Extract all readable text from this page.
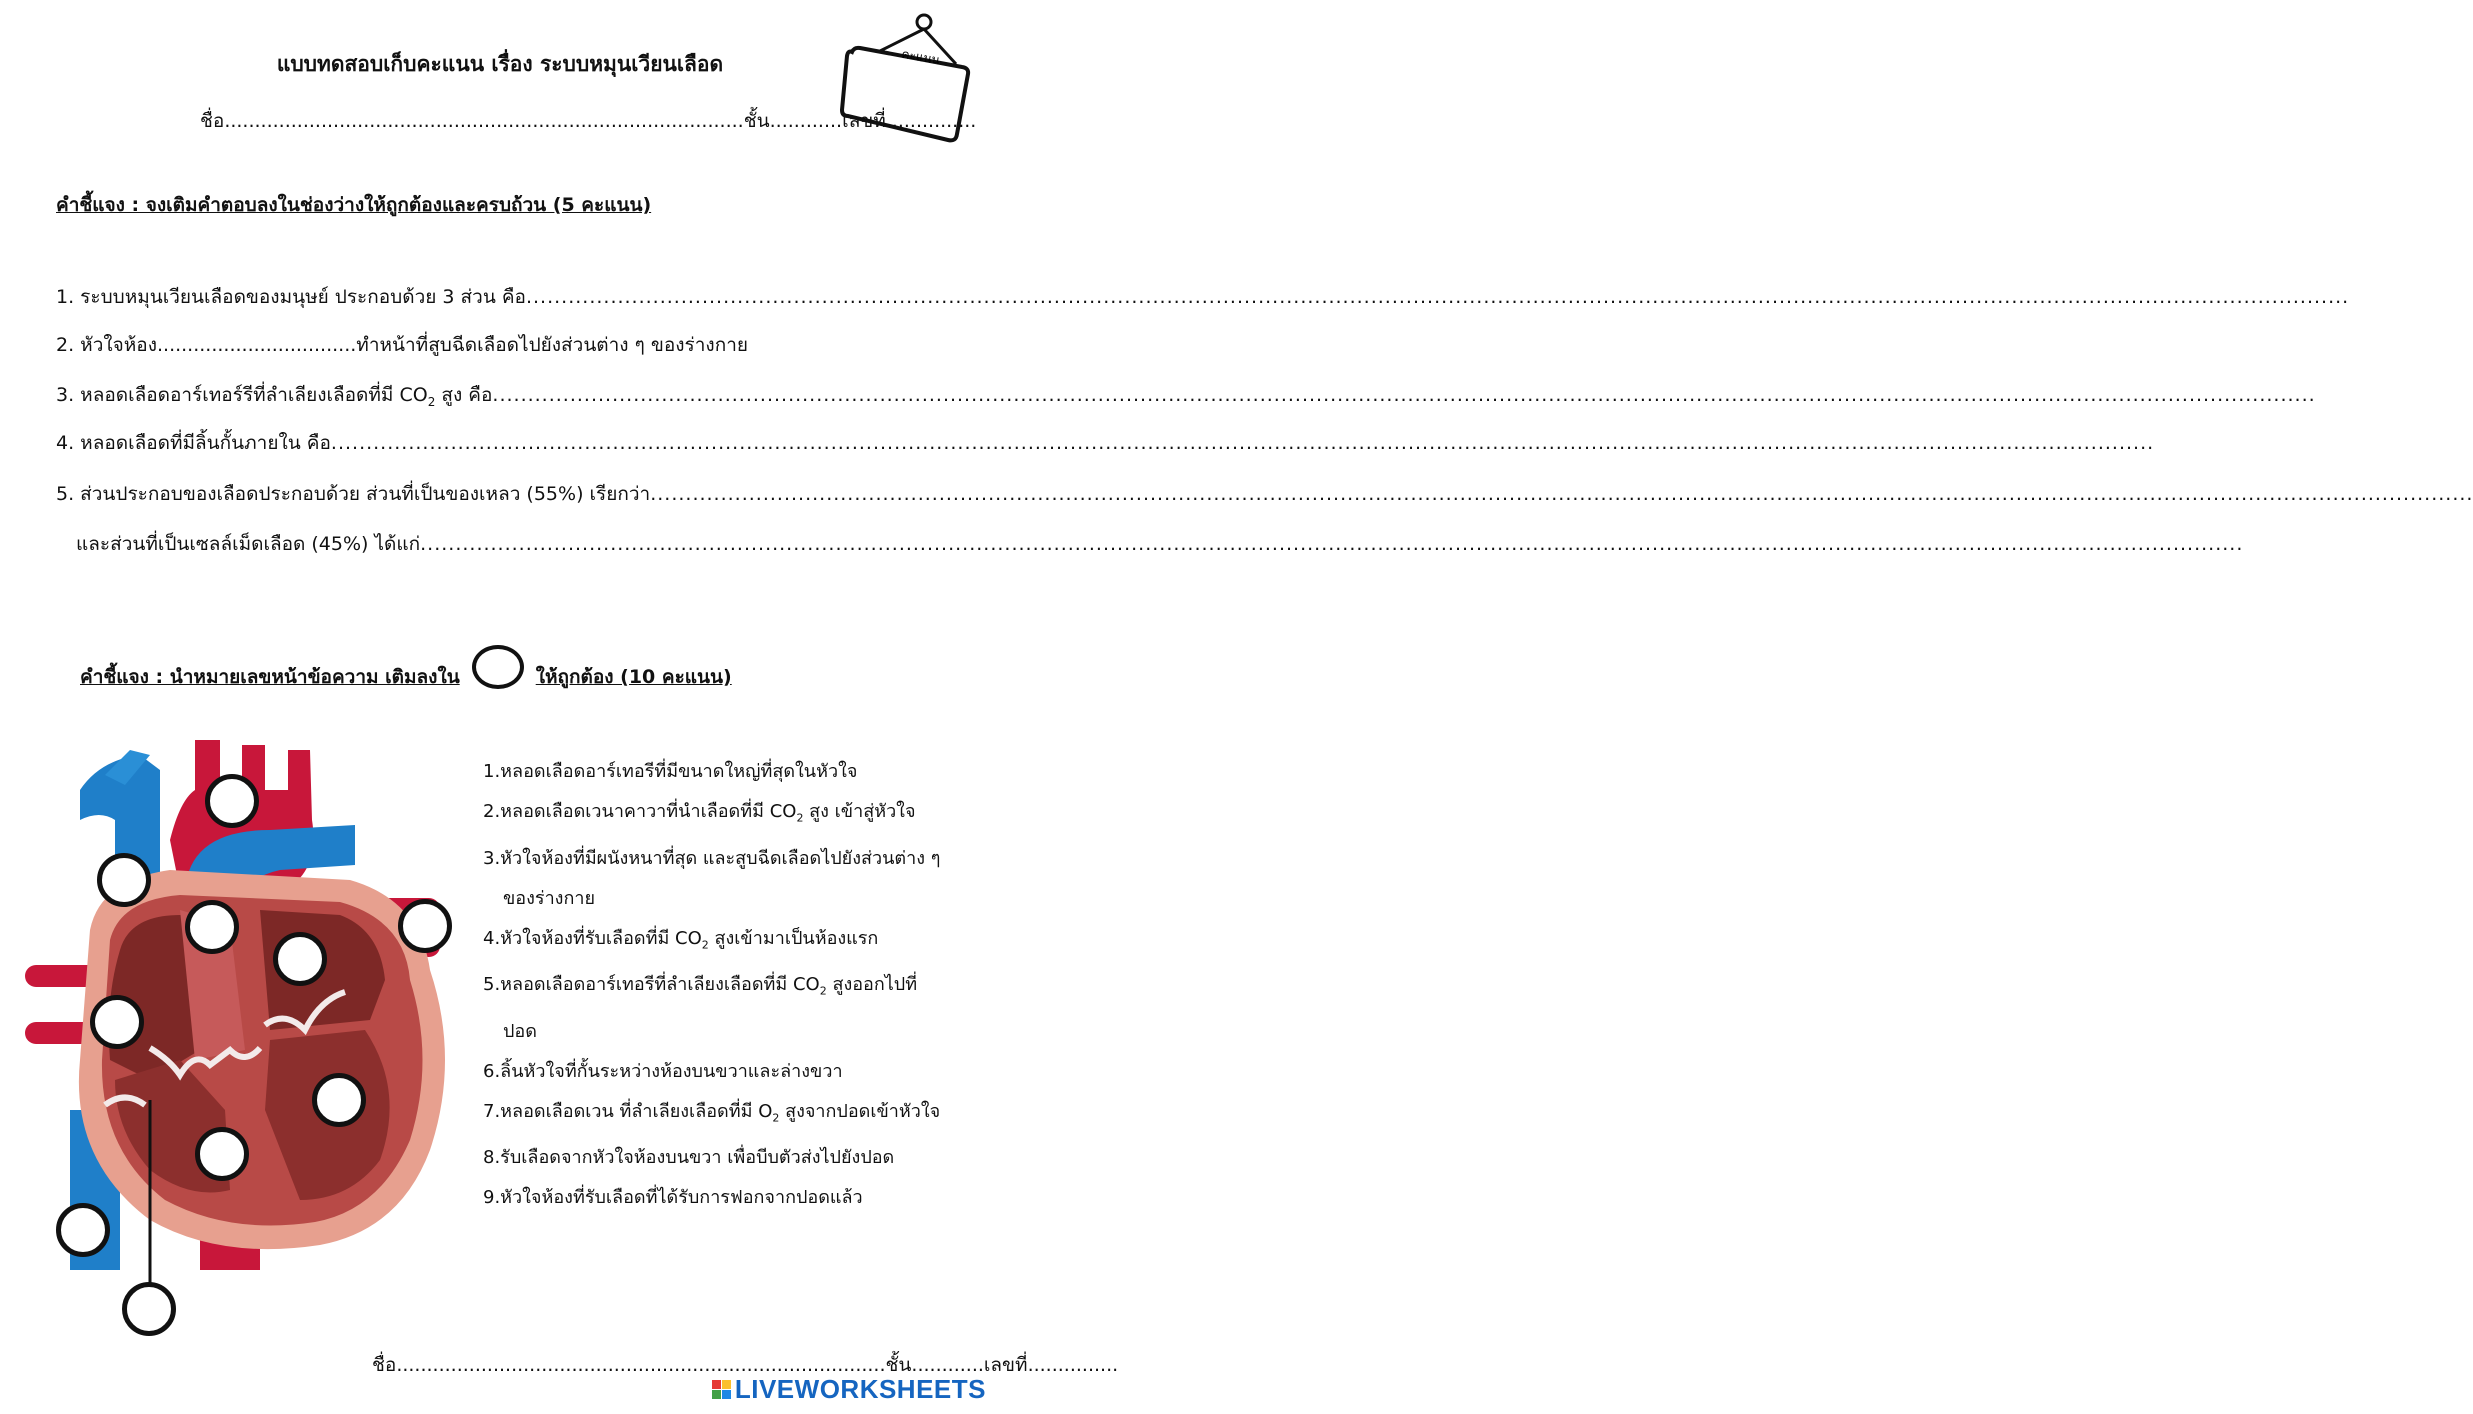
แบบทดสอบเก็บคะแนน เรื่อง ระบบหมุนเวียนเลือด	คะแนน
ชื่อ......................................................................................ชั้น............เลขที่...............
คำชี้แจง : จงเติมคำตอบลงในช่องว่างให้ถูกต้องและครบถ้วน (5 คะแนน)
1. ระบบหมุนเวียนเลือดของมนุษย์ ประกอบด้วย 3 ส่วน คือ
.....
2. หัวใจห้อง.................................ทำหน้าที่สูบฉีดเลือดไปยังส่วนต่าง ๆ ของร่างกาย
3. หลอดเลือดอาร์เทอร์รีที่ลำเลียงเลือดที่มี $CO_2$ สูง คือ
.....
4. หลอดเลือดที่มีลิ้นกั้นภายใน คือ
.....
5. ส่วนประกอบของเลือดประกอบด้วย ส่วนที่เป็นของเหลว (55%) เรียกว่า
.....
และส่วนที่เป็นเซลล์เม็ดเลือด (45%) ได้แก่
.....
คำชี้แจง : นำหมายเลขหน้าข้อความ เติมลงใน	ให้ถูกต้อง (10 คะแนน)
1.หลอดเลือดอาร์เทอรีที่มีขนาดใหญ่ที่สุดในหัวใจ
2.หลอดเลือดเวนาคาวาที่นำเลือดที่มี $CO_2$ สูง เข้าสู่หัวใจ
3.หัวใจห้องที่มีผนังหนาที่สุด และสูบฉีดเลือดไปยังส่วนต่าง ๆ
ของร่างกาย
4.หัวใจห้องที่รับเลือดที่มี $CO_2$ สูงเข้ามาเป็นห้องแรก
5.หลอดเลือดอาร์เทอรีที่ลำเลียงเลือดที่มี $CO_2$ สูงออกไปที่
ปอด
6.ลิ้นหัวใจที่กั้นระหว่างห้องบนขวาและล่างขวา
7.หลอดเลือดเวน ที่ลำเลียงเลือดที่มี $O_2$ สูงจากปอดเข้าหัวใจ
8.รับเลือดจากหัวใจห้องบนขวา เพื่อบีบตัวส่งไปยังปอด
9.หัวใจห้องที่รับเลือดที่ได้รับการฟอกจากปอดแล้ว
ชื่อ.................................................................................ชั้น............เลขที่...............
LIVEWORKSHEETS
